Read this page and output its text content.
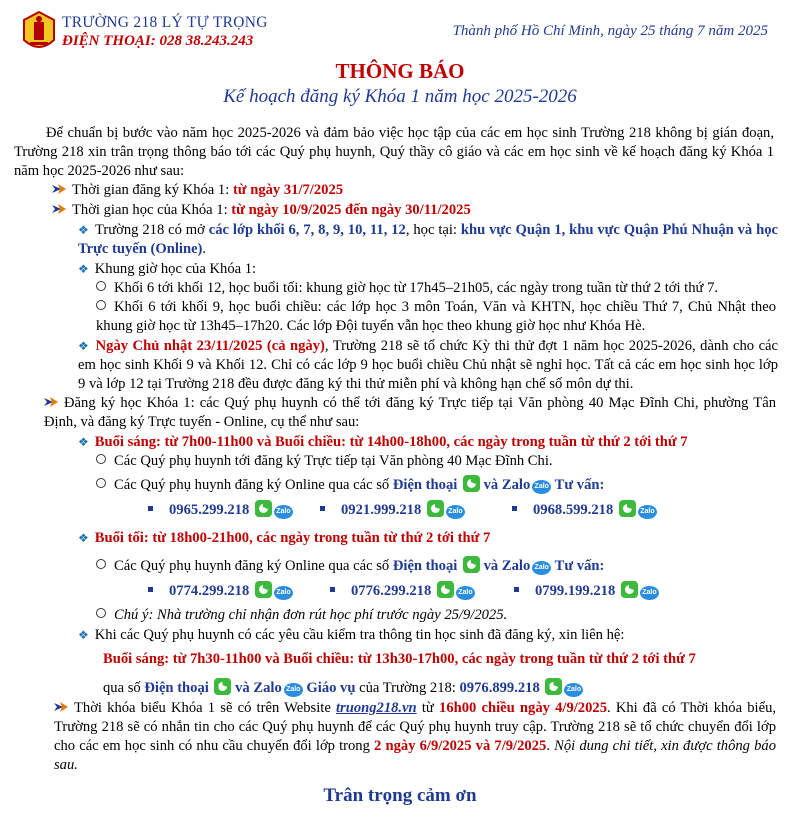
TRƯỜNG 218 LÝ TỰ TRỌNG
ĐIỆN THOẠI: 028 38.243.243
Thành phố Hồ Chí Minh, ngày 25 tháng 7 năm 2025
THÔNG BÁO
Kế hoạch đăng ký Khóa 1 năm học 2025-2026
Để chuẩn bị bước vào năm học 2025-2026 và đảm bảo việc học tập của các em học sinh Trường 218 không bị gián đoạn, Trường 218 xin trân trọng thông báo tới các Quý phụ huynh, Quý thầy cô giáo và các em học sinh về kế hoạch đăng ký Khóa 1 năm học 2025-2026 như sau:
Thời gian đăng ký Khóa 1: từ ngày 31/7/2025
Thời gian học của Khóa 1: từ ngày 10/9/2025 đến ngày 30/11/2025
❖ Trường 218 có mở các lớp khối 6, 7, 8, 9, 10, 11, 12, học tại: khu vực Quận 1, khu vực Quận Phú Nhuận và học Trực tuyến (Online).
❖ Khung giờ học của Khóa 1:
Khối 6 tới khối 12, học buổi tối: khung giờ học từ 17h45–21h05, các ngày trong tuần từ thứ 2 tới thứ 7.
Khối 6 tới khối 9, học buổi chiều: các lớp học 3 môn Toán, Văn và KHTN, học chiều Thứ 7, Chủ Nhật theo khung giờ học từ 13h45–17h20. Các lớp Đội tuyển vẫn học theo khung giờ học như Khóa Hè.
❖ Ngày Chủ nhật 23/11/2025 (cả ngày), Trường 218 sẽ tổ chức Kỳ thi thử đợt 1 năm học 2025-2026, dành cho các em học sinh Khối 9 và Khối 12. Chỉ có các lớp 9 học buổi chiều Chủ nhật sẽ nghỉ học. Tất cả các em học sinh học lớp 9 và lớp 12 tại Trường 218 đều được đăng ký thi thử miễn phí và không hạn chế số môn dự thi.
Đăng ký học Khóa 1: các Quý phụ huynh có thể tới đăng ký Trực tiếp tại Văn phòng 40 Mạc Đĩnh Chi, phường Tân Định, và đăng ký Trực tuyến - Online, cụ thể như sau:
❖ Buổi sáng: từ 7h00-11h00 và Buổi chiều: từ 14h00-18h00, các ngày trong tuần từ thứ 2 tới thứ 7
Các Quý phụ huynh tới đăng ký Trực tiếp tại Văn phòng 40 Mạc Đĩnh Chi.
Các Quý phụ huynh đăng ký Online qua các số Điện thoại  và Zalo Zalo Tư vấn:
0965.299.218	Zalo	0921.999.218	Zalo	0968.599.218	Zalo
❖ Buổi tối: từ 18h00-21h00, các ngày trong tuần từ thứ 2 tới thứ 7
Các Quý phụ huynh đăng ký Online qua các số Điện thoại  và Zalo Zalo Tư vấn:
0774.299.218	Zalo	0776.299.218	Zalo	0799.199.218	Zalo
Chú ý: Nhà trường chỉ nhận đơn rút học phí trước ngày 25/9/2025.
❖ Khi các Quý phụ huynh có các yêu cầu kiểm tra thông tin học sinh đã đăng ký, xin liên hệ:
Buổi sáng: từ 7h30-11h00 và Buổi chiều: từ 13h30-17h00, các ngày trong tuần từ thứ 2 tới thứ 7
qua số Điện thoại  và Zalo Zalo Giáo vụ của Trường 218: 0976.899.218	Zalo
Thời khóa biểu Khóa 1 sẽ có trên Website truong218.vn từ 16h00 chiều ngày 4/9/2025. Khi đã có Thời khóa biểu, Trường 218 sẽ có nhắn tin cho các Quý phụ huynh để các Quý phụ huynh truy cập. Trường 218 sẽ tổ chức chuyển đổi lớp cho các em học sinh có nhu cầu chuyển đổi lớp trong 2 ngày 6/9/2025 và 7/9/2025. Nội dung chi tiết, xin được thông báo sau.
Trân trọng cảm ơn
